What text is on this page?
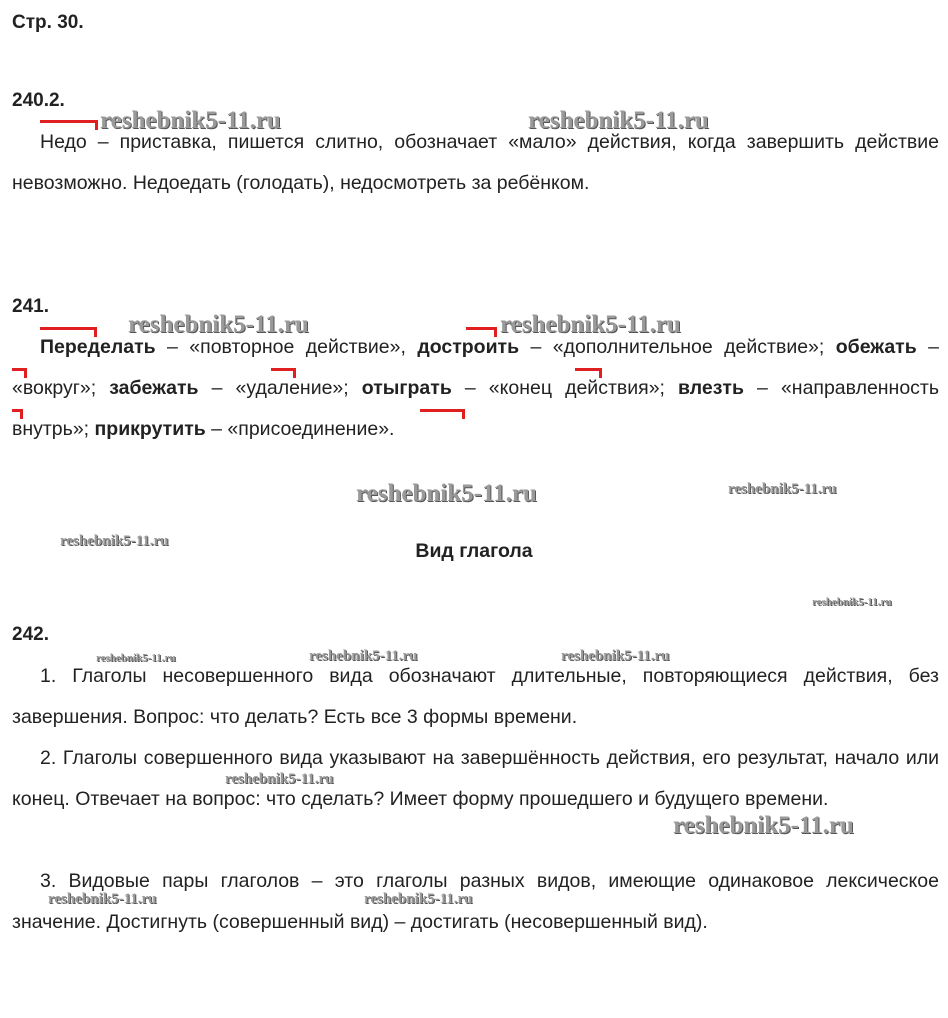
Стр. 30.
240.2.
Недо – приставка, пишется слитно, обозначает «мало» действия, когда завершить действие невозможно. Недоедать (голодать), недосмотреть за ребёнком.
241.
Переделать – «повторное действие», достроить – «дополнительное действие»; обежать – «вокруг»; забежать – «удаление»; отыграть – «конец действия»; влезть – «направленность внутрь»; прикрутить – «присоединение».
Вид глагола
242.
1. Глаголы несовершенного вида обозначают длительные, повторяющиеся действия, без завершения. Вопрос: что делать? Есть все 3 формы времени.
2. Глаголы совершенного вида указывают на завершённость действия, его результат, начало или конец. Отвечает на вопрос: что сделать? Имеет форму прошедшего и будущего времени.
3. Видовые пары глаголов – это глаголы разных видов, имеющие одинаковое лексическое значение. Достигнуть (совершенный вид) – достигать (несовершенный вид).
reshebnik5-11.ru	reshebnik5-11.ru
reshebnik5-11.ru	reshebnik5-11.ru
reshebnik5-11.ru	reshebnik5-11.ru
reshebnik5-11.ru
reshebnik5-11.ru
reshebnik5-11.ru	reshebnik5-11.ru	reshebnik5-11.ru
reshebnik5-11.ru
reshebnik5-11.ru
reshebnik5-11.ru	reshebnik5-11.ru
